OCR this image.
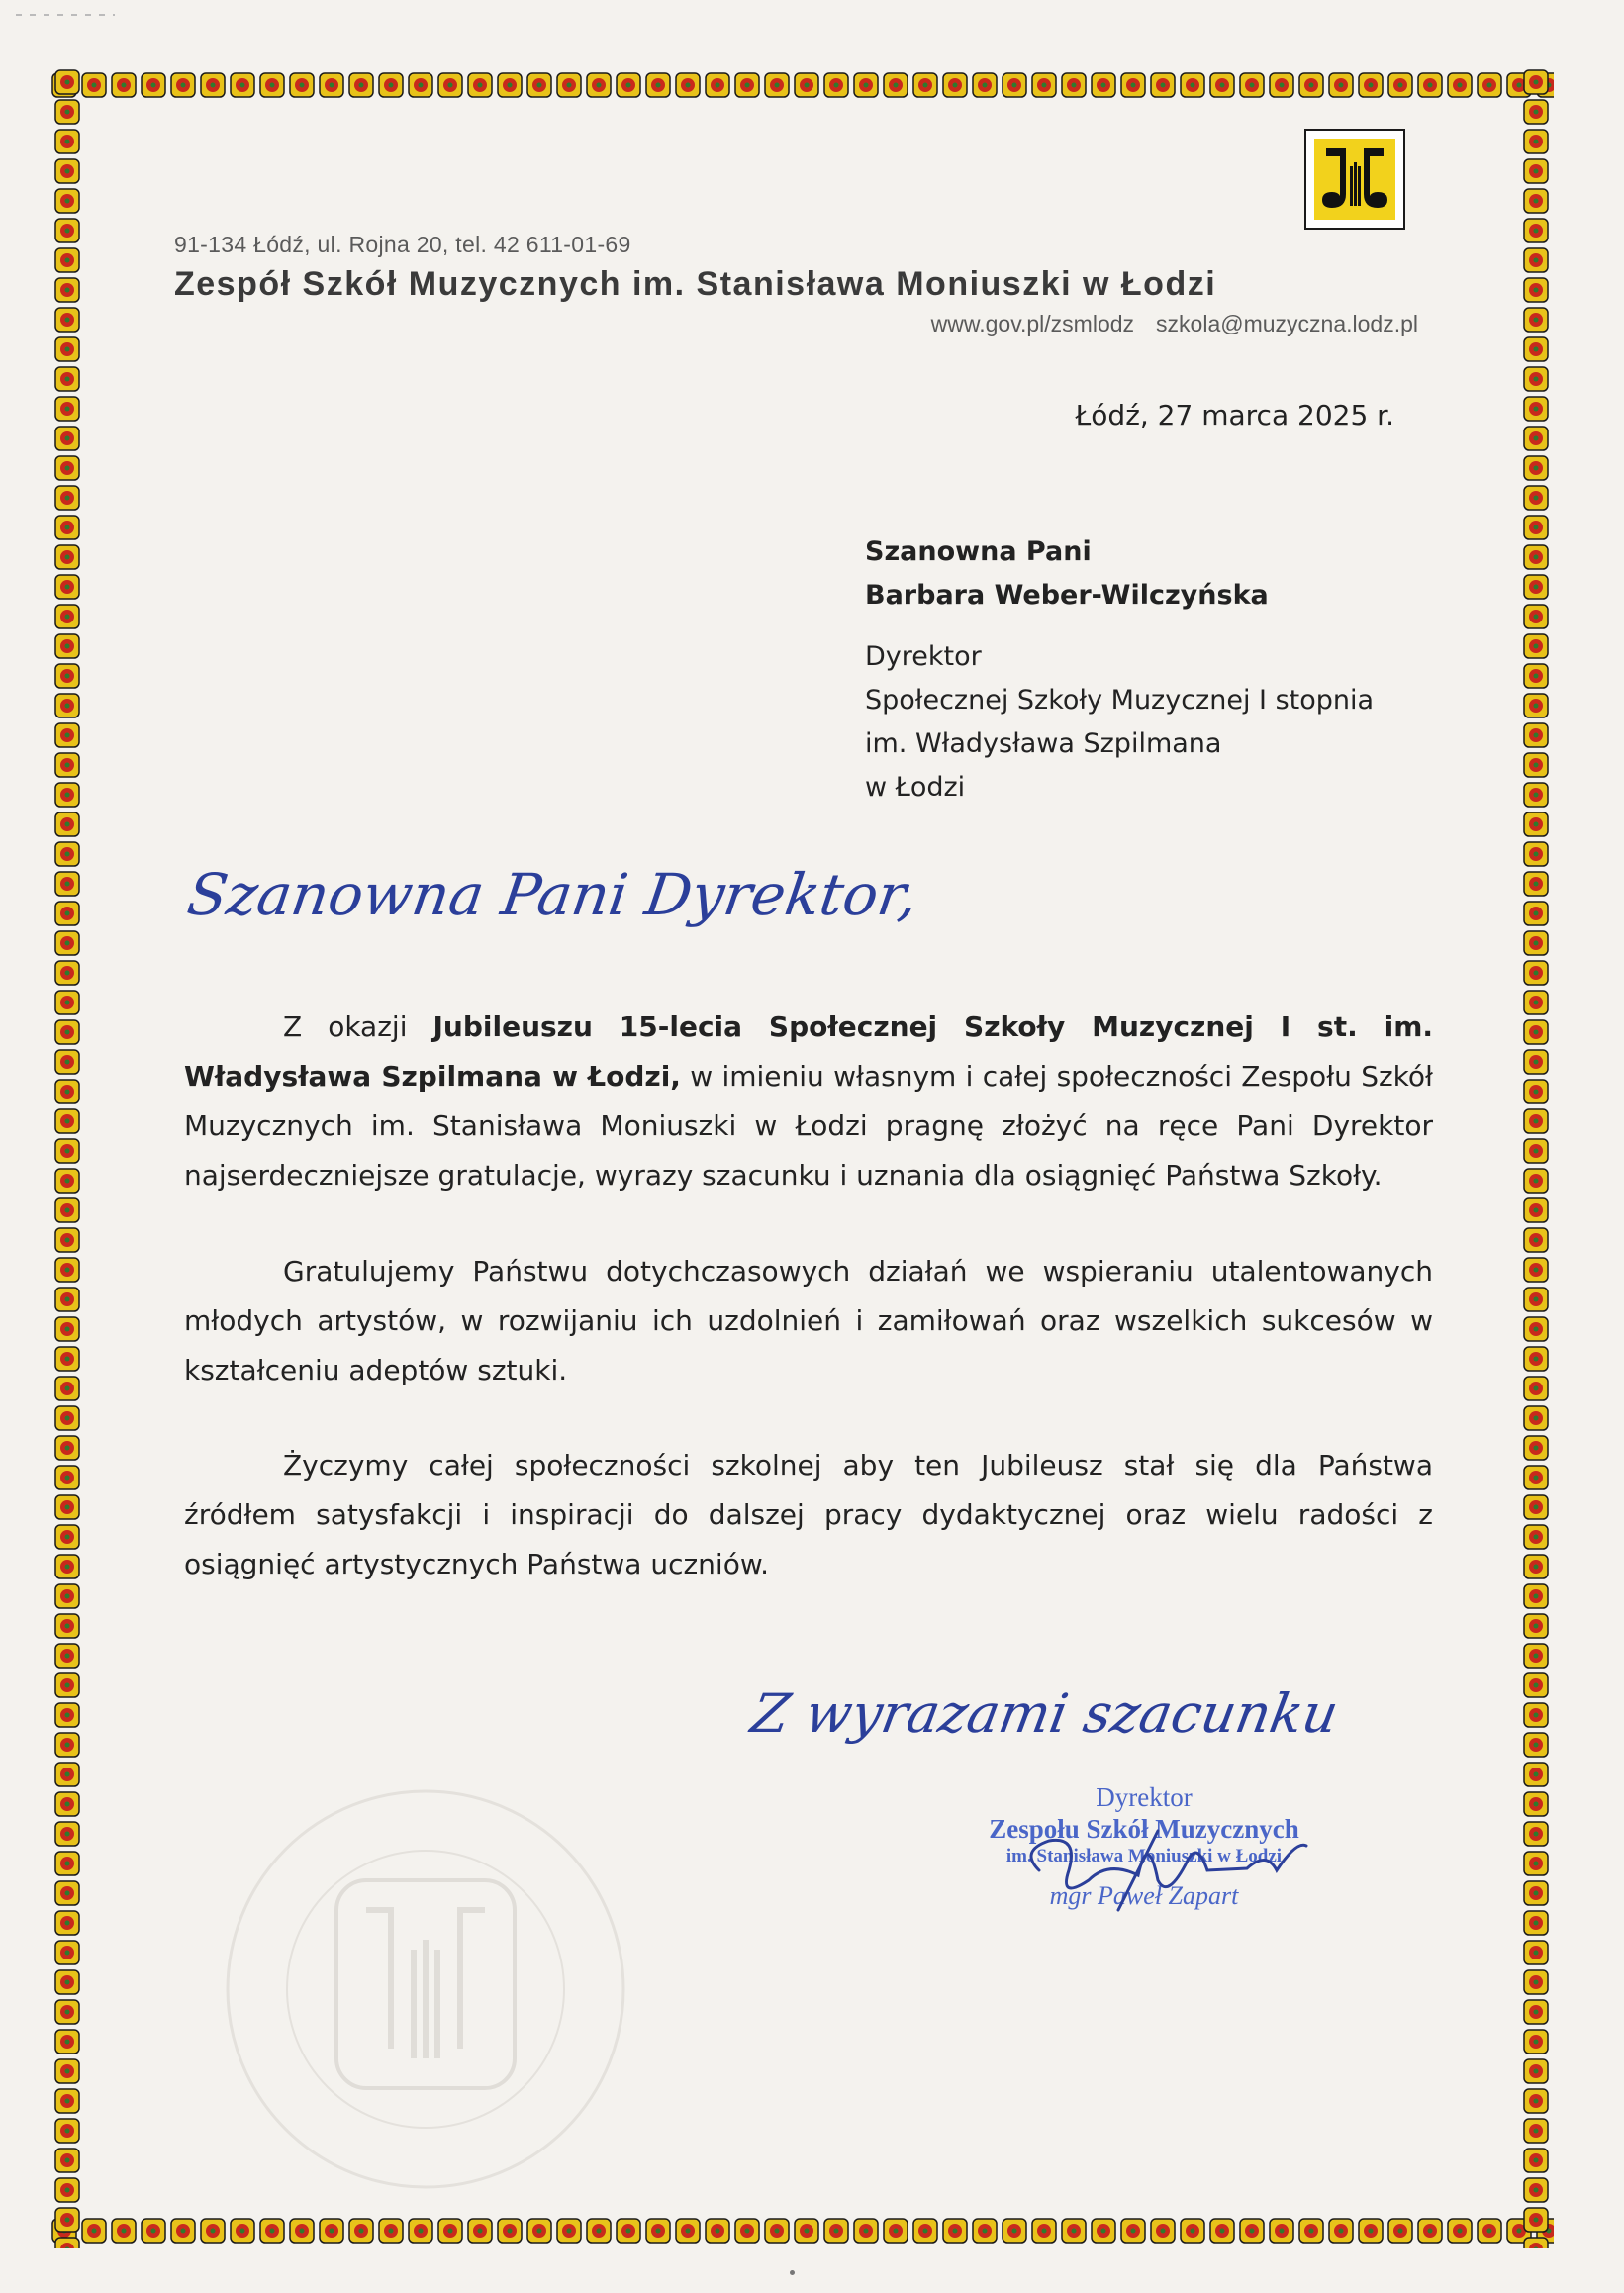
91-134 Łódź, ul. Rojna 20, tel. 42 611-01-69
Zespół Szkół Muzycznych im. Stanisława Moniuszki w Łodzi
www.gov.pl/zsmlodz szkola@muzyczna.lodz.pl
Łódź, 27 marca 2025 r.
Szanowna Pani
Barbara Weber-Wilczyńska
Dyrektor
Społecznej Szkoły Muzycznej I stopnia
im. Władysława Szpilmana
w Łodzi
Szanowna Pani Dyrektor,

Z okazji Jubileuszu 15-lecia Społecznej Szkoły Muzycznej I st. im. Władysława Szpilmana w Łodzi, w imieniu własnym i całej społeczności Zespołu Szkół Muzycznych im. Stanisława Moniuszki w Łodzi pragnę złożyć na ręce Pani Dyrektor najserdeczniejsze gratulacje, wyrazy szacunku i uznania dla osiągnięć Państwa Szkoły.

Gratulujemy Państwu dotychczasowych działań we wspieraniu utalentowanych młodych artystów, w rozwijaniu ich uzdolnień i zamiłowań oraz wszelkich sukcesów w kształceniu adeptów sztuki.

Życzymy całej społeczności szkolnej aby ten Jubileusz stał się dla Państwa źródłem satysfakcji i inspiracji do dalszej pracy dydaktycznej oraz wielu radości z osiągnięć artystycznych Państwa uczniów.

Z wyrazami szacunku
Dyrektor
Zespołu Szkół Muzycznych
im. Stanisława Moniuszki w Łodzi
mgr Paweł Zapart
